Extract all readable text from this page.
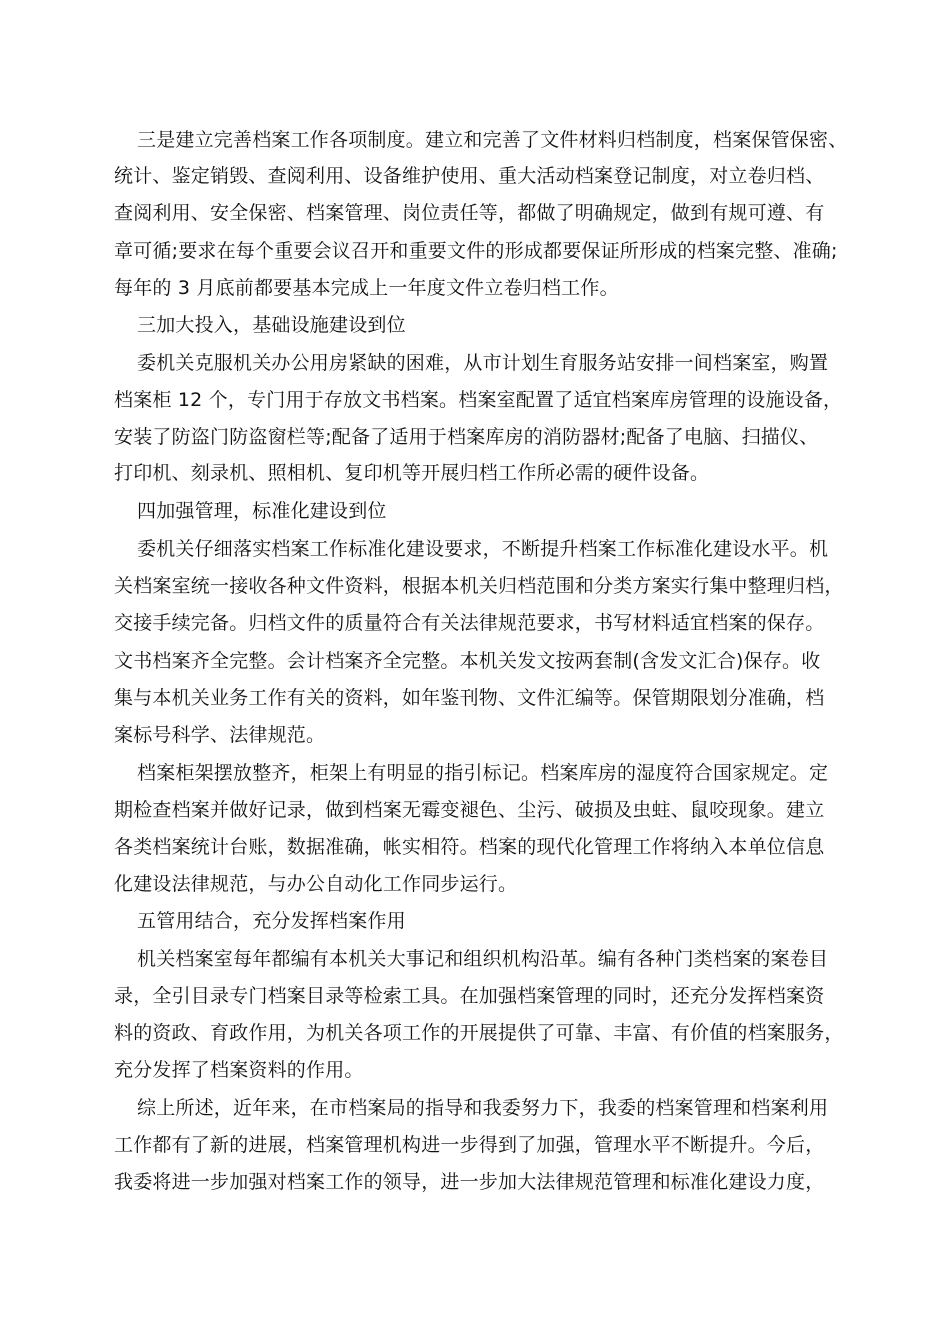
三是建立完善档案工作各项制度。建立和完善了文件材料归档制度，档案保管保密、
统计、鉴定销毁、查阅利用、设备维护使用、重大活动档案登记制度，对立卷归档、
查阅利用、安全保密、档案管理、岗位责任等，都做了明确规定，做到有规可遵、有
章可循;要求在每个重要会议召开和重要文件的形成都要保证所形成的档案完整、准确;
每年的 3 月底前都要基本完成上一年度文件立卷归档工作。
三加大投入，基础设施建设到位
委机关克服机关办公用房紧缺的困难，从市计划生育服务站安排一间档案室，购置
档案柜 12 个，专门用于存放文书档案。档案室配置了适宜档案库房管理的设施设备，
安装了防盗门防盗窗栏等;配备了适用于档案库房的消防器材;配备了电脑、扫描仪、
打印机、刻录机、照相机、复印机等开展归档工作所必需的硬件设备。
四加强管理，标准化建设到位
委机关仔细落实档案工作标准化建设要求，不断提升档案工作标准化建设水平。机
关档案室统一接收各种文件资料，根据本机关归档范围和分类方案实行集中整理归档，
交接手续完备。归档文件的质量符合有关法律规范要求，书写材料适宜档案的保存。
文书档案齐全完整。会计档案齐全完整。本机关发文按两套制(含发文汇合)保存。收
集与本机关业务工作有关的资料，如年鉴刊物、文件汇编等。保管期限划分准确，档
案标号科学、法律规范。
档案柜架摆放整齐，柜架上有明显的指引标记。档案库房的湿度符合国家规定。定
期检查档案并做好记录，做到档案无霉变褪色、尘污、破损及虫蛀、鼠咬现象。建立
各类档案统计台账，数据准确，帐实相符。档案的现代化管理工作将纳入本单位信息
化建设法律规范，与办公自动化工作同步运行。
五管用结合，充分发挥档案作用
机关档案室每年都编有本机关大事记和组织机构沿革。编有各种门类档案的案卷目
录，全引目录专门档案目录等检索工具。在加强档案管理的同时，还充分发挥档案资
料的资政、育政作用，为机关各项工作的开展提供了可靠、丰富、有价值的档案服务，
充分发挥了档案资料的作用。
综上所述，近年来，在市档案局的指导和我委努力下，我委的档案管理和档案利用
工作都有了新的进展，档案管理机构进一步得到了加强，管理水平不断提升。今后，
我委将进一步加强对档案工作的领导，进一步加大法律规范管理和标准化建设力度，
